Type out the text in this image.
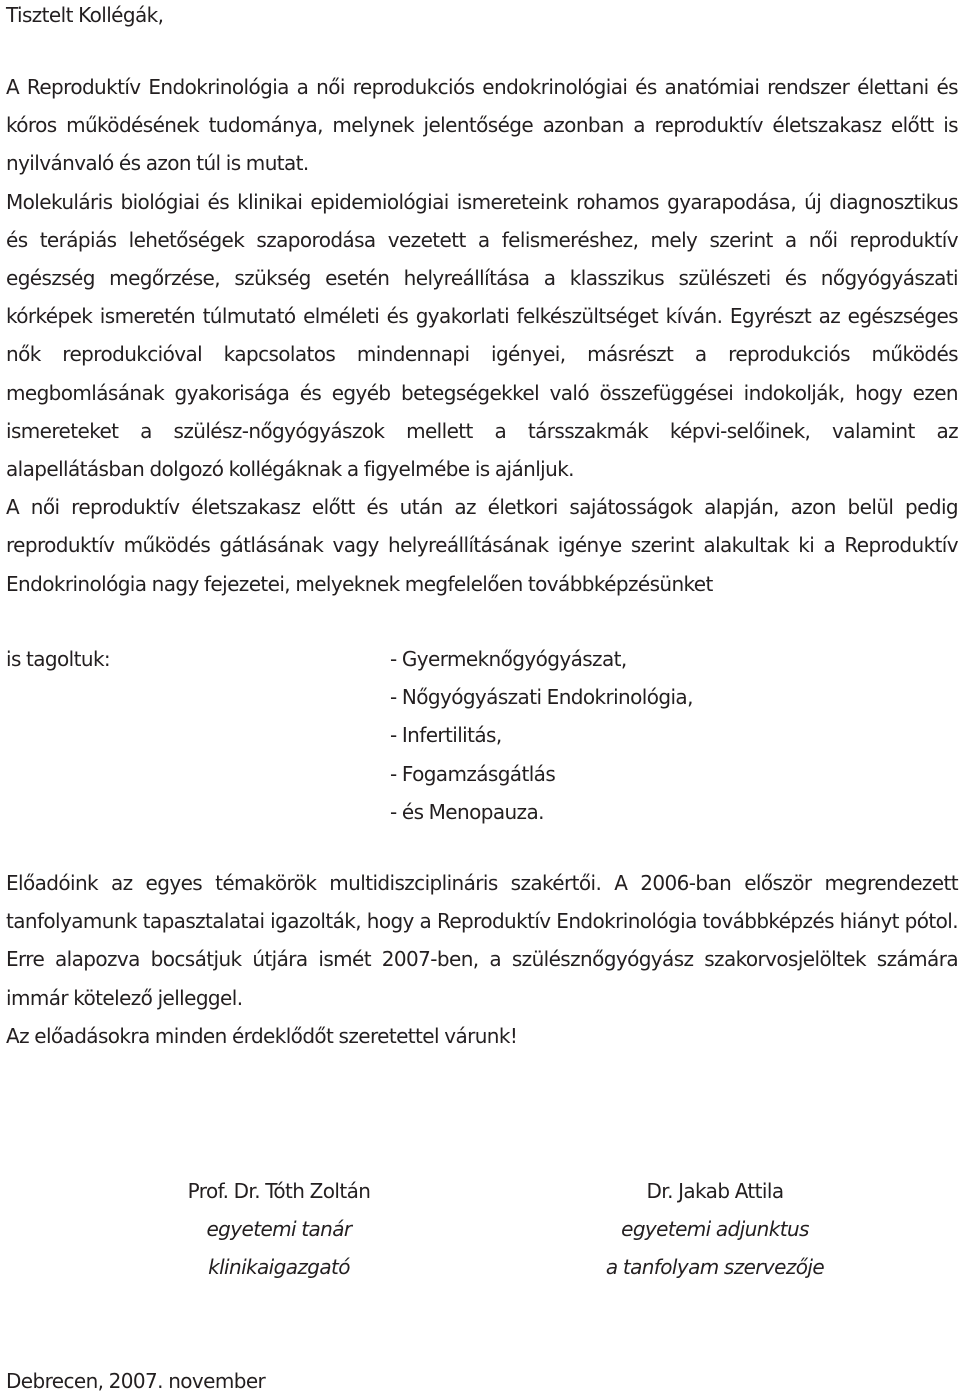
Tisztelt Kollégák,

A Reproduktív Endokrinológia a női reprodukciós endokrinológiai és anatómiai rendszer élettani és kóros működésének tudománya, melynek jelentősége azonban a reproduktív életszakasz előtt is nyilvánvaló és azon túl is mutat.

Molekuláris biológiai és klinikai epidemiológiai ismereteink rohamos gyarapodása, új diagnosztikus és terápiás lehetőségek szaporodása vezetett a felismeréshez, mely szerint a női reproduktív egészség megőrzése, szükség esetén helyreállítása a klasszikus szülészeti és nőgyógyászati kórképek ismeretén túlmutató elméleti és gyakorlati felkészültséget kíván. Egyrészt az egészséges nők reprodukcióval kapcsolatos mindennapi igényei, másrészt a reprodukciós működés megbomlásának gyakorisága és egyéb betegségekkel való összefüggései indokolják, hogy ezen ismereteket a szülész-nőgyógyászok mellett a társszakmák képvi-selőinek, valamint az alapellátásban dolgozó kollégáknak a figyelmébe is ajánljuk.

A női reproduktív életszakasz előtt és után az életkori sajátosságok alapján, azon belül pedig reproduktív működés gátlásának vagy helyreállításának igénye szerint alakultak ki a Reproduktív Endokrinológia nagy fejezetei, melyeknek megfelelően továbbképzésünket

is tagoltuk:	- Gyermeknőgyógyászat,
- Nőgyógyászati Endokrinológia,
- Infertilitás,
- Fogamzásgátlás
- és Menopauza.

Előadóink az egyes témakörök multidiszciplináris szakértői. A 2006-ban először megrendezett tanfolyamunk tapasztalatai igazolták, hogy a Reproduktív Endokrinológia továbbképzés hiányt pótol. Erre alapozva bocsátjuk útjára ismét 2007-ben, a szülésznőgyógyász szakorvosjelöltek számára immár kötelező jelleggel.

Az előadásokra minden érdeklődőt szeretettel várunk!

Prof. Dr. Tóth Zoltán
egyetemi tanár
klinikaigazgató
Dr. Jakab Attila
egyetemi adjunktus
a tanfolyam szervezője
Debrecen, 2007. november
